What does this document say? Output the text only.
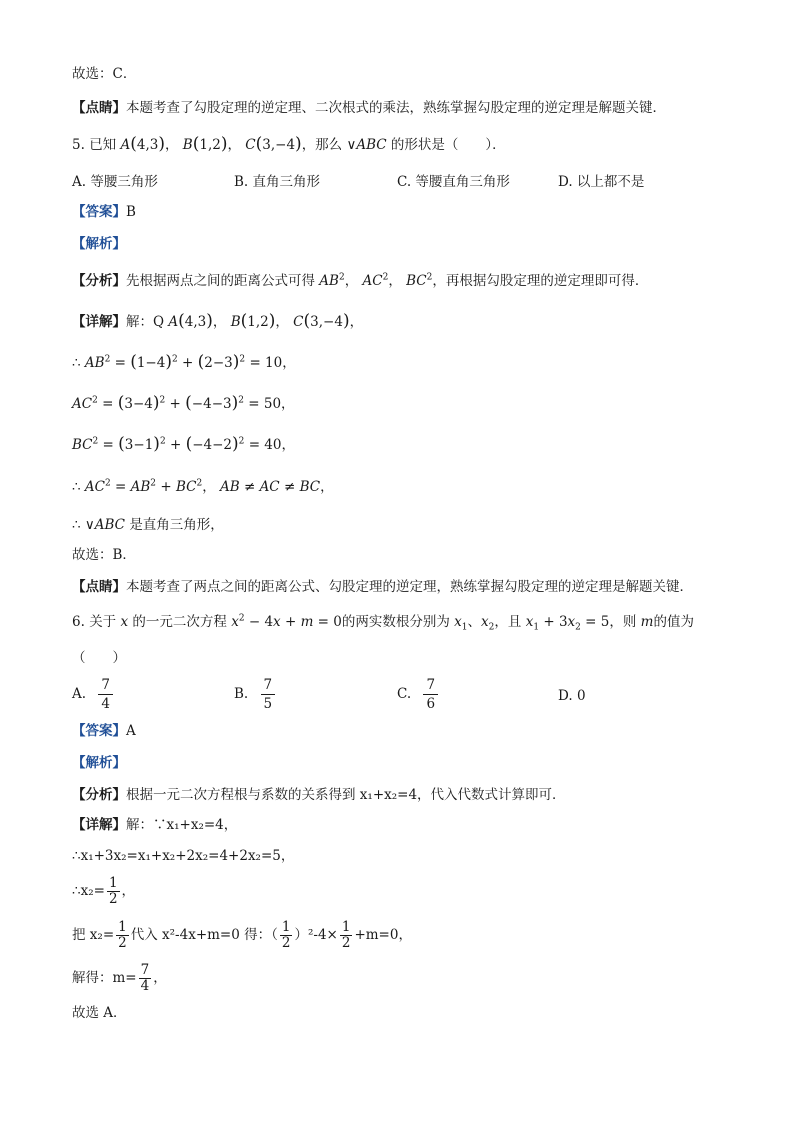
故选：C．
【点睛】本题考查了勾股定理的逆定理、二次根式的乘法，熟练掌握勾股定理的逆定理是解题关键．
5. 已知 A(4,3)， B(1,2)， C(3,−4)，那么 ∨ABC 的形状是（　　）．
A. 等腰三角形	B. 直角三角形	C. 等腰直角三角形	D. 以上都不是
【答案】B
【解析】
【分析】先根据两点之间的距离公式可得 $AB^2$， $AC^2$， $BC^2$，再根据勾股定理的逆定理即可得．
【详解】解：Q A(4,3)， B(1,2)， C(3,−4)，
∴ $AB^2 = (1-4)^2 + (2-3)^2 = 10$，
$AC^2 = (3-4)^2 + (-4-3)^2 = 50$，
$BC^2 = (3-1)^2 + (-4-2)^2 = 40$，
∴ $AC^2 = AB^2 + BC^2$， AB ≠ AC ≠ BC，
∴ ∨ABC 是直角三角形，
故选：B．
【点睛】本题考查了两点之间的距离公式、勾股定理的逆定理，熟练掌握勾股定理的逆定理是解题关键．
6. 关于 x 的一元二次方程 $x^2 - 4x + m = 0$的两实数根分别为 $x_1$、$x_2$，且 $x_1 + 3x_2 = 5$，则 m的值为
（　　）
A. $\frac{7}{4}$	B. $\frac{7}{5}$	C. $\frac{7}{6}$	D. 0
【答案】A
【解析】
【分析】根据一元二次方程根与系数的关系得到 x₁+x₂=4，代入代数式计算即可．
【详解】解：∵x₁+x₂=4，
∴x₁+3x₂=x₁+x₂+2x₂=4+2x₂=5，
∴x₂= $\frac{1}{2}$ ，
把 $x_2= \frac{1}{2}$ 代入 x²-4x+m=0 得：（ $\frac{1}{2} )^2-4\times \frac{1}{2} +m=0$，
解得：$m= \frac{7}{4}$ ，
故选 A．
